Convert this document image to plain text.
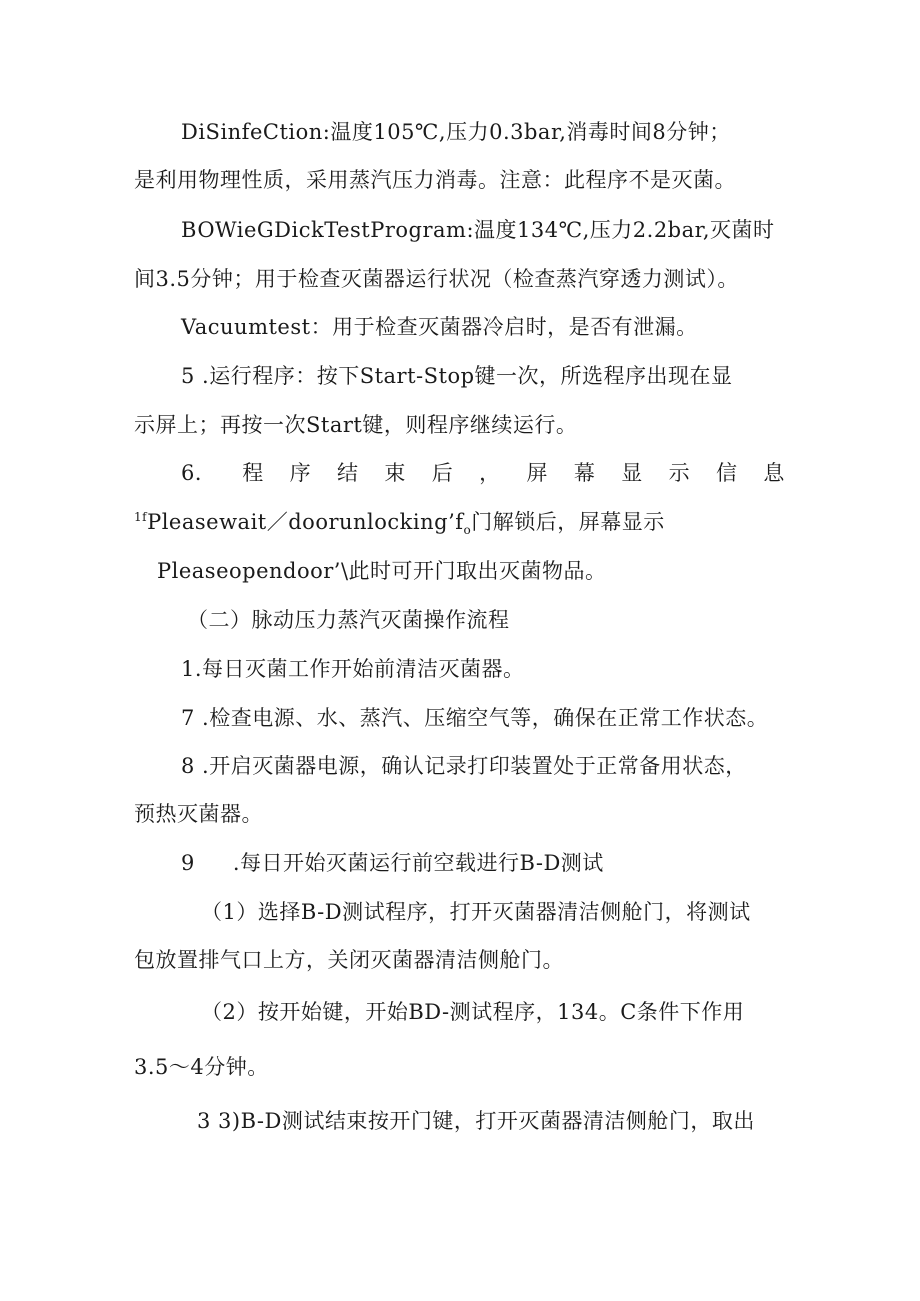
DiSinfeCtion:温度105℃,压力0.3bar,消毒时间8分钟；
是利用物理性质，采用蒸汽压力消毒。注意：此程序不是灭菌。
BOWieGDickTestProgram:温度134℃,压力2.2bar,灭菌时
间3.5分钟；用于检查灭菌器运行状况（检查蒸汽穿透力测试）。
Vacuumtest：用于检查灭菌器冷启时，是否有泄漏。
5 .运行程序：按下Start-Stop键一次，所选程序出现在显
示屏上；再按一次Start键，则程序继续运行。
6． 程 序 结 束 后 ， 屏 幕 显 示 信 息
$^{1f}Pleasewait/doorunlocking’f_o$门解锁后，屏幕显示
Pleaseopendoor’\此时可开门取出灭菌物品。
（二）脉动压力蒸汽灭菌操作流程
1.每日灭菌工作开始前清洁灭菌器。
7 .检查电源、水、蒸汽、压缩空气等，确保在正常工作状态。
8 .开启灭菌器电源，确认记录打印装置处于正常备用状态，
预热灭菌器。
9 .每日开始灭菌运行前空载进行B-D测试
（1）选择B-D测试程序，打开灭菌器清洁侧舱门，将测试
包放置排气口上方，关闭灭菌器清洁侧舱门。
（2）按开始键，开始BD-测试程序，134。C条件下作用
3.5～4分钟。
3 3)B-D测试结束按开门键，打开灭菌器清洁侧舱门，取出
